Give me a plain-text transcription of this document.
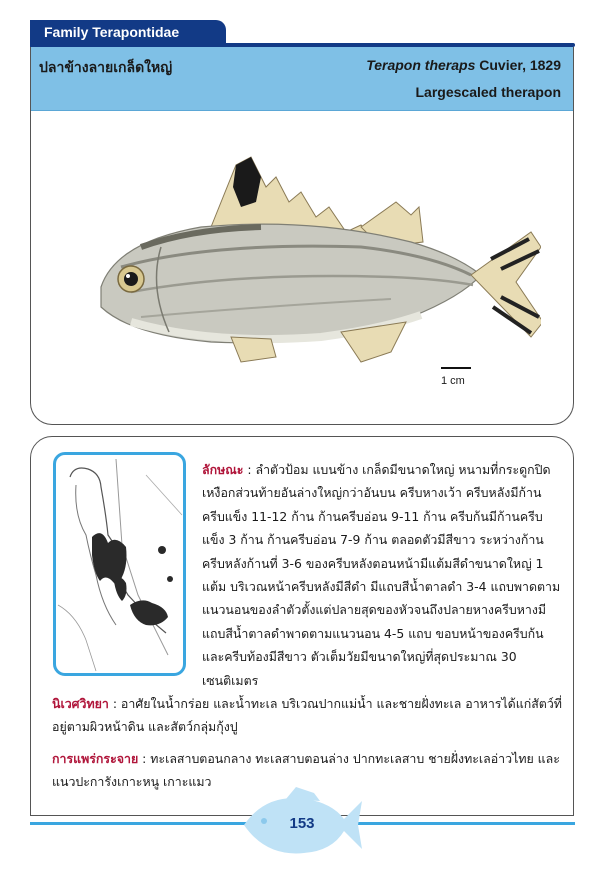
Family Terapontidae
ปลาข้างลายเกล็ดใหญ่	Terapon theraps Cuvier, 1829
Largescaled therapon
1 cm
ลักษณะ : ลำตัวป้อม แบนข้าง เกล็ดมีขนาดใหญ่ หนามที่กระดูกปิดเหงือกส่วนท้ายอันล่างใหญ่กว่าอันบน ครีบหางเว้า ครีบหลังมีก้านครีบแข็ง 11-12 ก้าน ก้านครีบอ่อน 9-11 ก้าน ครีบก้นมีก้านครีบแข็ง 3 ก้าน ก้านครีบอ่อน 7-9 ก้าน ตลอดตัวมีสีขาว ระหว่างก้านครีบหลังก้านที่ 3-6 ของครีบหลังตอนหน้ามีแต้มสีดำขนาดใหญ่ 1 แต้ม บริเวณหน้าครีบหลังมีสีดำ มีแถบสีน้ำตาลดำ 3-4 แถบพาดตามแนวนอนของลำตัวตั้งแต่ปลายสุดของหัวจนถึงปลายหางครีบหางมีแถบสีน้ำตาลดำพาดตามแนวนอน 4-5 แถบ ขอบหน้าของครีบก้นและครีบท้องมีสีขาว ตัวเต็มวัยมีขนาดใหญ่ที่สุดประมาณ 30 เซนติเมตร
นิเวศวิทยา : อาศัยในน้ำกร่อย และน้ำทะเล บริเวณปากแม่น้ำ และชายฝั่งทะเล อาหารได้แก่สัตว์ที่อยู่ตามผิวหน้าดิน และสัตว์กลุ่มกุ้งปู
การแพร่กระจาย : ทะเลสาบตอนกลาง ทะเลสาบตอนล่าง ปากทะเลสาบ ชายฝั่งทะเลอ่าวไทย และแนวปะการังเกาะหนู เกาะแมว
153
